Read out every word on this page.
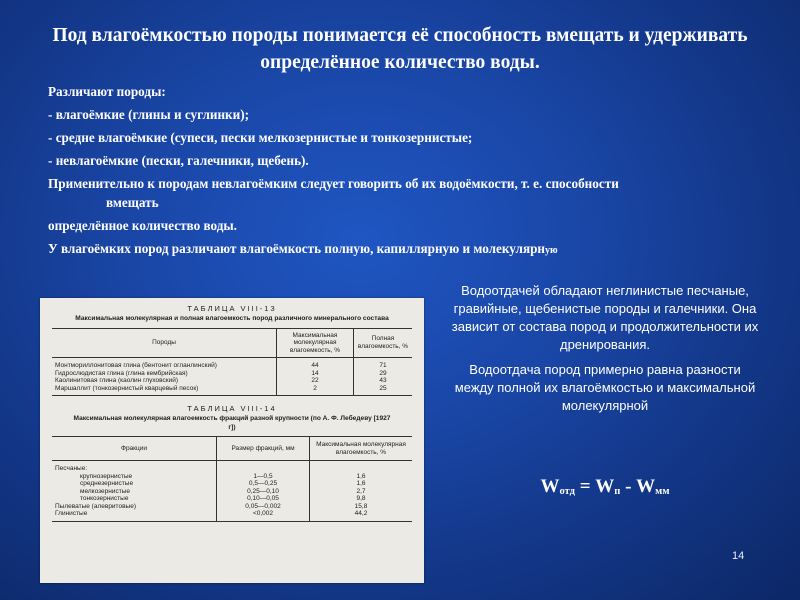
Под влагоёмкостью породы понимается её способность вмещать и удерживать определённое количество воды.
Различают породы:
- влагоёмкие (глины и суглинки);
- средне влагоёмкие (супеси, пески мелкозернистые и тонкозернистые;
- невлагоёмкие (пески, галечники, щебень).
Применительно к породам невлагоёмким следует говорить об их водоёмкости, т. е. способности
вмещать
определённое количество воды.
У влагоёмких пород различают влагоёмкость полную, капиллярную и молекулярную
ТАБЛИЦА VIII-13
Максимальная молекулярная и полная влагоемкость пород различного минерального состава
Породы	Максимальная молекулярная влагоемкость, %	Полная влагоемкость, %
Монтмориллонитовая глина (бентонит огланлинский)	44	71
Гидрослюдистая глина (глина кембрийская)	14	29
Каолинитовая глина (каолин глуховский)	22	43
Маршаллит (тонкозернистый кварцевый песок)	2	25
ТАБЛИЦА VIII-14
Максимальная молекулярная влагоемкость фракций разной крупности (по А. Ф. Лебедеву [1927 г])
Фракции	Размер фракций, мм	Максимальная молекулярная влагоемкость, %
Песчаные:		
крупнозернистые	1—0,5	1,6
среднезернистые	0,5—0,25	1,6
мелкозернистые	0,25—0,10	2,7
тонкозернистые	0,10—0,05	9,8
Пылеватые (алевритовые)	0,05—0,002	15,8
Глинистые	<0,002	44,2

Водоотдачей обладают неглинистые песчаные, гравийные, щебенистые породы и галечники. Она зависит от состава пород и продолжительности их дренирования.

Водоотдача пород примерно равна разности между полной их влагоёмкостью и максимальной молекулярной

$W_{отд} = W_п - W_{мм}$
14
